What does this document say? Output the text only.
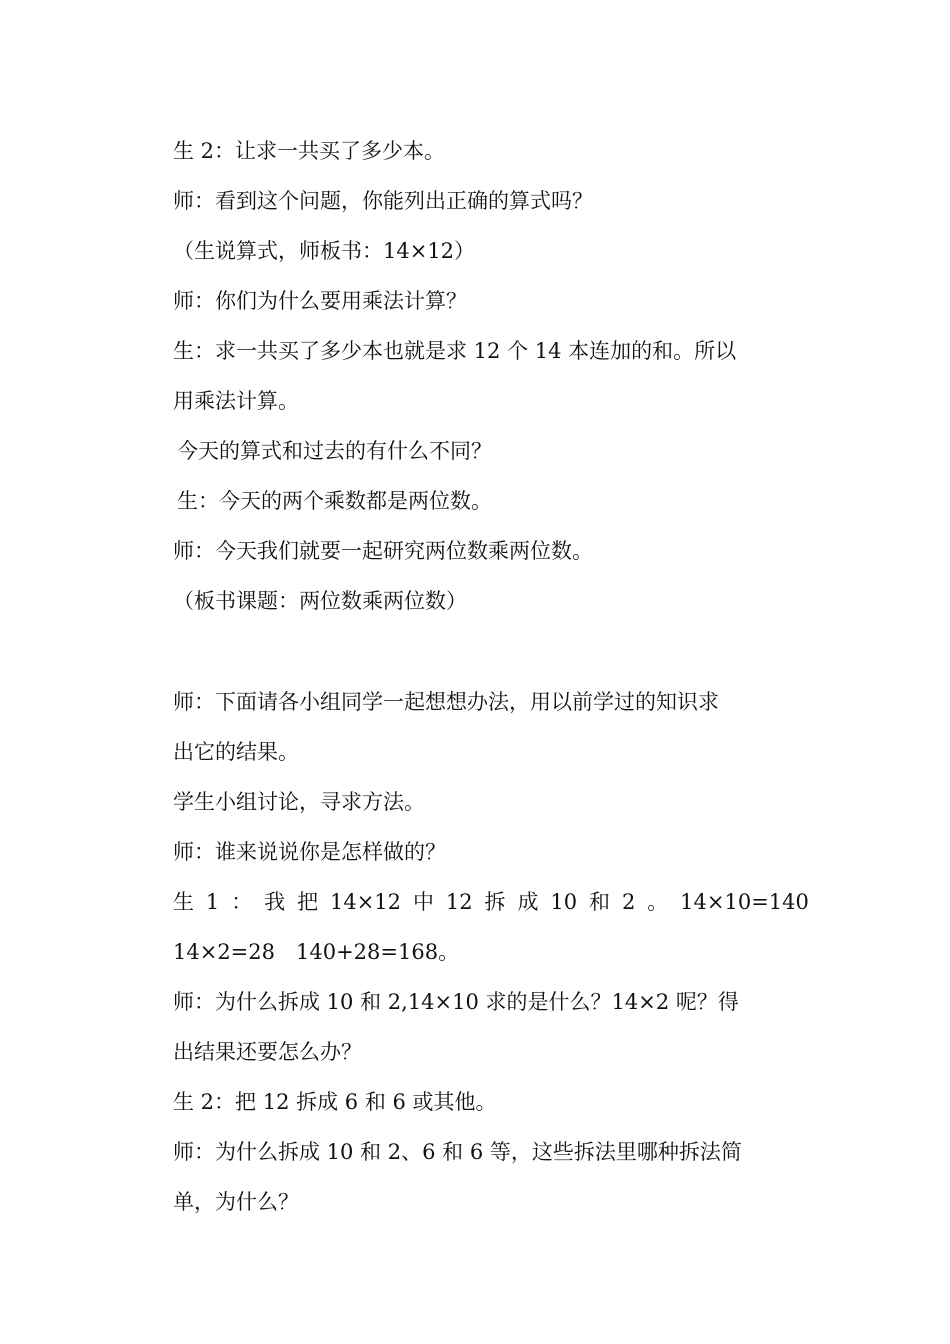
生 2：让求一共买了多少本。
师：看到这个问题，你能列出正确的算式吗？
（生说算式，师板书：14×12）
师：你们为什么要用乘法计算？
生：求一共买了多少本也就是求 12 个 14 本连加的和。所以
用乘法计算。
今天的算式和过去的有什么不同？
生：今天的两个乘数都是两位数。
师：今天我们就要一起研究两位数乘两位数。
（板书课题：两位数乘两位数）
师：下面请各小组同学一起想想办法，用以前学过的知识求
出它的结果。
学生小组讨论，寻求方法。
师：谁来说说你是怎样做的？
生 1 ： 我 把 14×12 中 12 拆 成 10 和 2 。 14×10=140
14×2=28　140+28=168。
师：为什么拆成 10 和 2,14×10 求的是什么？14×2 呢？得
出结果还要怎么办？
生 2：把 12 拆成 6 和 6 或其他。
师：为什么拆成 10 和 2、6 和 6 等，这些拆法里哪种拆法简
单，为什么？
